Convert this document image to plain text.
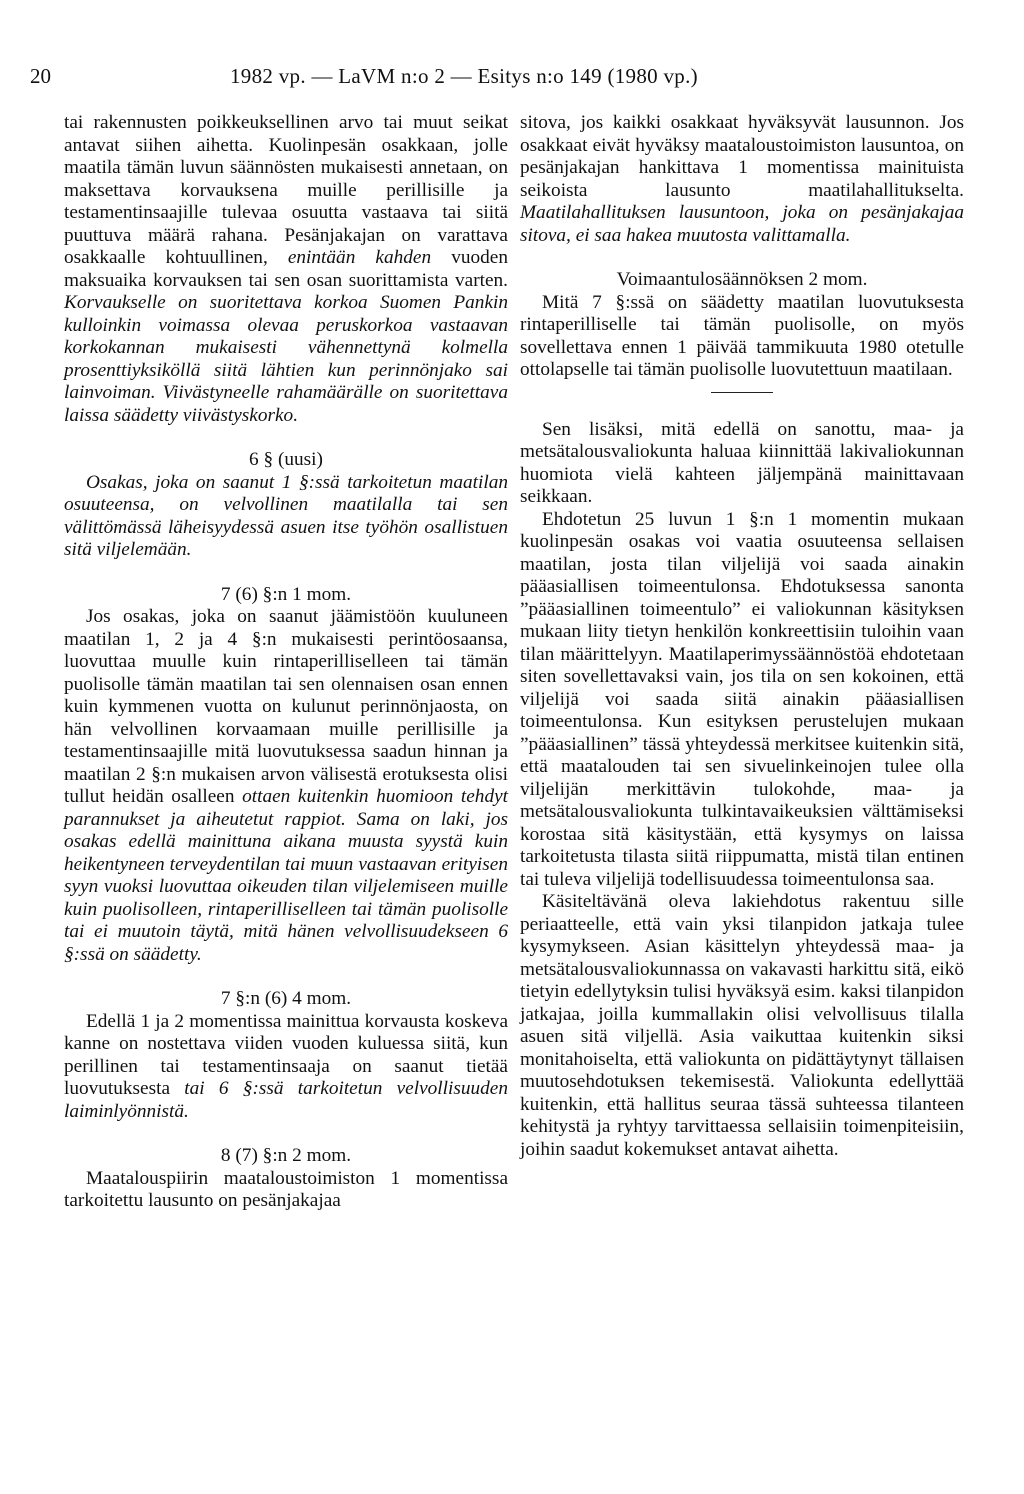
20	1982 vp. — LaVM n:o 2 — Esitys n:o 149 (1980 vp.)

tai rakennusten poikkeuksellinen arvo tai muut seikat antavat siihen aihetta. Kuolinpesän osakkaan, jolle maatila tämän luvun säännösten mukaisesti annetaan, on maksettava korvauksena muille perillisille ja testamentinsaajille tulevaa osuutta vastaava tai siitä puuttuva määrä rahana. Pesänjakajan on varattava osakkaalle kohtuullinen, enintään kahden vuoden maksuaika korvauksen tai sen osan suorittamista varten. Korvaukselle on suoritettava korkoa Suomen Pankin kulloinkin voimassa olevaa peruskorkoa vastaavan korkokannan mukaisesti vähennettynä kolmella prosenttiyksiköllä siitä lähtien kun perinnönjako sai lainvoiman. Viivästyneelle rahamäärälle on suoritettava laissa säädetty viivästyskorko.

6 § (uusi)

Osakas, joka on saanut 1 §:ssä tarkoitetun maatilan osuuteensa, on velvollinen maatilalla tai sen välittömässä läheisyydessä asuen itse työhön osallistuen sitä viljelemään.

7 (6) §:n 1 mom.

Jos osakas, joka on saanut jäämistöön kuuluneen maatilan 1, 2 ja 4 §:n mukaisesti perintöosaansa, luovuttaa muulle kuin rintaperilliselleen tai tämän puolisolle tämän maatilan tai sen olennaisen osan ennen kuin kymmenen vuotta on kulunut perinnönjaosta, on hän velvollinen korvaamaan muille perillisille ja testamentinsaajille mitä luovutuksessa saadun hinnan ja maatilan 2 §:n mukaisen arvon välisestä erotuksesta olisi tullut heidän osalleen ottaen kuitenkin huomioon tehdyt parannukset ja aiheutetut rappiot. Sama on laki, jos osakas edellä mainittuna aikana muusta syystä kuin heikentyneen terveydentilan tai muun vastaavan erityisen syyn vuoksi luovuttaa oikeuden tilan viljelemiseen muille kuin puolisolleen, rintaperilliselleen tai tämän puolisolle tai ei muutoin täytä, mitä hänen velvollisuudekseen 6 §:ssä on säädetty.

7 §:n (6) 4 mom.

Edellä 1 ja 2 momentissa mainittua korvausta koskeva kanne on nostettava viiden vuoden kuluessa siitä, kun perillinen tai testamentinsaaja on saanut tietää luovutuksesta tai 6 §:ssä tarkoitetun velvollisuuden laiminlyönnistä.

8 (7) §:n 2 mom.

Maatalouspiirin maataloustoimiston 1 momentissa tarkoitettu lausunto on pesänjakajaa

sitova, jos kaikki osakkaat hyväksyvät lausunnon. Jos osakkaat eivät hyväksy maataloustoimiston lausuntoa, on pesänjakajan hankittava 1 momentissa mainituista seikoista lausunto maatilahallitukselta. Maatilahallituksen lausuntoon, joka on pesänjakajaa sitova, ei saa hakea muutosta valittamalla.

Voimaantulosäännöksen 2 mom.

Mitä 7 §:ssä on säädetty maatilan luovutuksesta rintaperilliselle tai tämän puolisolle, on myös sovellettava ennen 1 päivää tammikuuta 1980 otetulle ottolapselle tai tämän puolisolle luovutettuun maatilaan.

Sen lisäksi, mitä edellä on sanottu, maa- ja metsätalousvaliokunta haluaa kiinnittää lakivaliokunnan huomiota vielä kahteen jäljempänä mainittavaan seikkaan.

Ehdotetun 25 luvun 1 §:n 1 momentin mukaan kuolinpesän osakas voi vaatia osuuteensa sellaisen maatilan, josta tilan viljelijä voi saada ainakin pääasiallisen toimeentulonsa. Ehdotuksessa sanonta ”pääasiallinen toimeentulo” ei valiokunnan käsityksen mukaan liity tietyn henkilön konkreettisiin tuloihin vaan tilan määrittelyyn. Maatilaperimyssäännöstöä ehdotetaan siten sovellettavaksi vain, jos tila on sen kokoinen, että viljelijä voi saada siitä ainakin pääasiallisen toimeentulonsa. Kun esityksen perustelujen mukaan ”pääasiallinen” tässä yhteydessä merkitsee kuitenkin sitä, että maatalouden tai sen sivuelinkeinojen tulee olla viljelijän merkittävin tulokohde, maa- ja metsätalousvaliokunta tulkintavaikeuksien välttämiseksi korostaa sitä käsitystään, että kysymys on laissa tarkoitetusta tilasta siitä riippumatta, mistä tilan entinen tai tuleva viljelijä todellisuudessa toimeentulonsa saa.

Käsiteltävänä oleva lakiehdotus rakentuu sille periaatteelle, että vain yksi tilanpidon jatkaja tulee kysymykseen. Asian käsittelyn yhteydessä maa- ja metsätalousvaliokunnassa on vakavasti harkittu sitä, eikö tietyin edellytyksin tulisi hyväksyä esim. kaksi tilanpidon jatkajaa, joilla kummallakin olisi velvollisuus tilalla asuen sitä viljellä. Asia vaikuttaa kuitenkin siksi monitahoiselta, että valiokunta on pidättäytynyt tällaisen muutosehdotuksen tekemisestä. Valiokunta edellyttää kuitenkin, että hallitus seuraa tässä suhteessa tilanteen kehitystä ja ryhtyy tarvittaessa sellaisiin toimenpiteisiin, joihin saadut kokemukset antavat aihetta.
